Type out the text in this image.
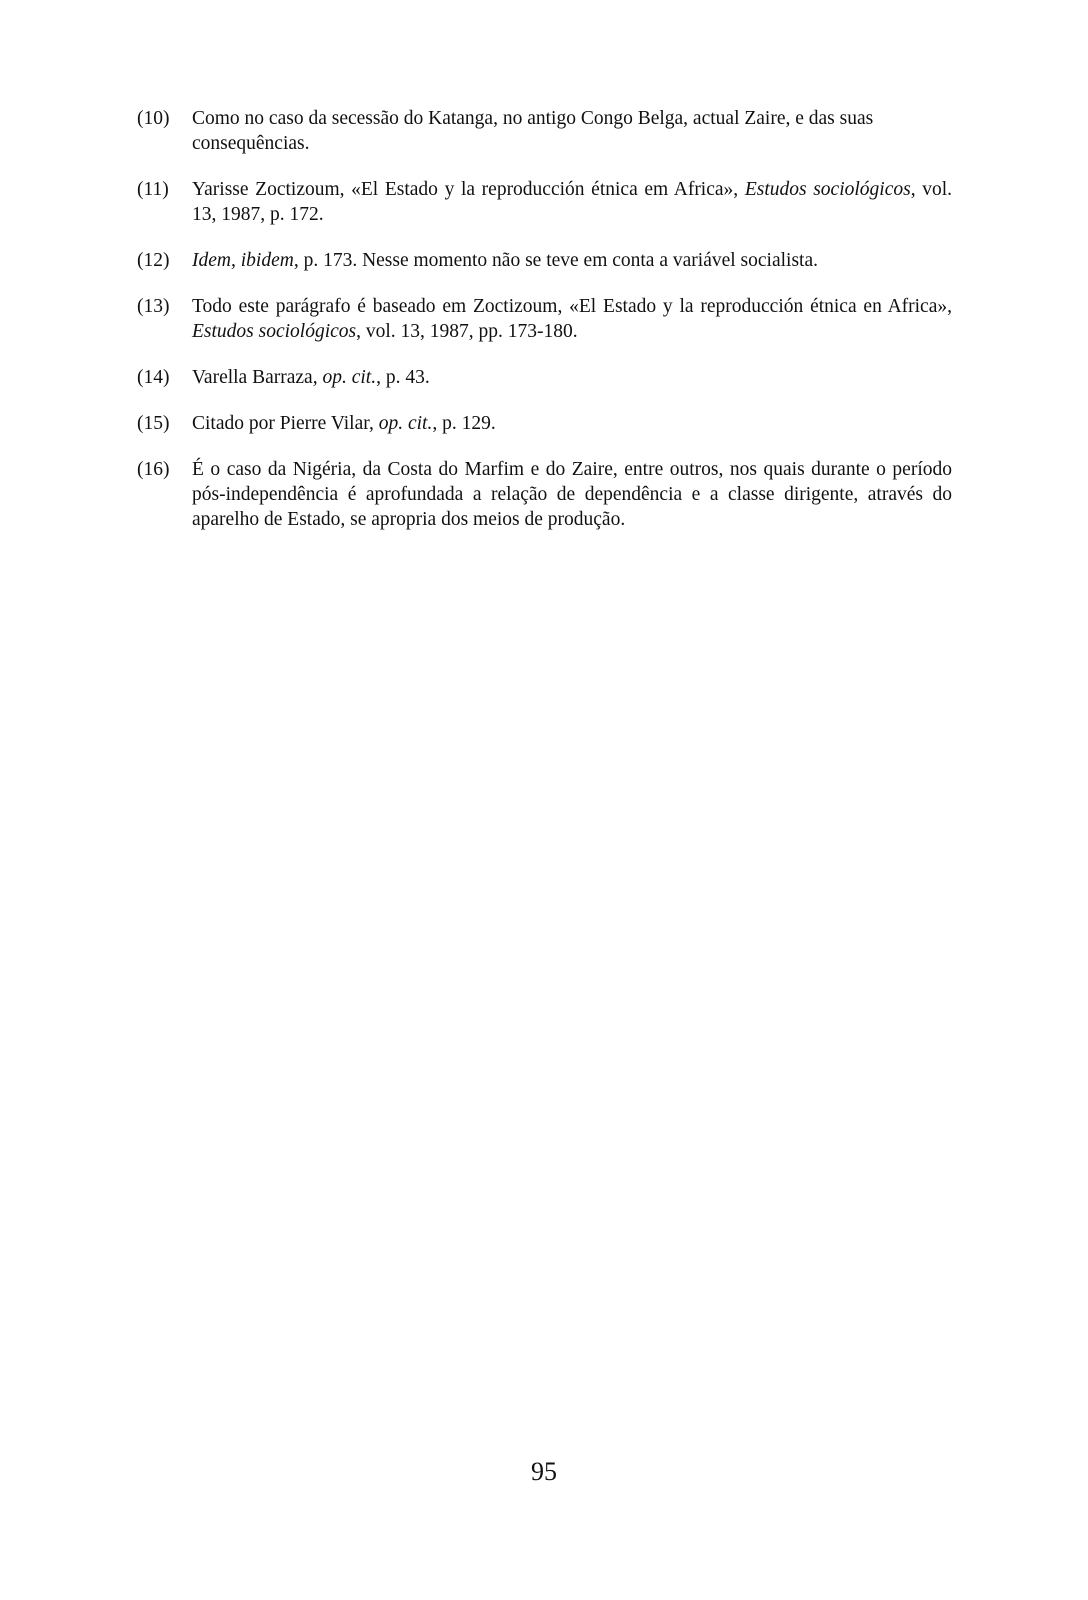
(10)	Como no caso da secessão do Katanga, no antigo Congo Belga, actual Zaire, e das suas consequências.
(11)	Yarisse Zoctizoum, «El Estado y la reproducción étnica em Africa», Estudos sociológicos, vol. 13, 1987, p. 172.
(12)	Idem, ibidem, p. 173. Nesse momento não se teve em conta a variável socialista.
(13)	Todo este parágrafo é baseado em Zoctizoum, «El Estado y la reproducción étnica en Africa», Estudos sociológicos, vol. 13, 1987, pp. 173-180.
(14)	Varella Barraza, op. cit., p. 43.
(15)	Citado por Pierre Vilar, op. cit., p. 129.
(16)	É o caso da Nigéria, da Costa do Marfim e do Zaire, entre outros, nos quais durante o período pós-independência é aprofundada a relação de dependência e a classe dirigente, através do aparelho de Estado, se apropria dos meios de produção.
95
